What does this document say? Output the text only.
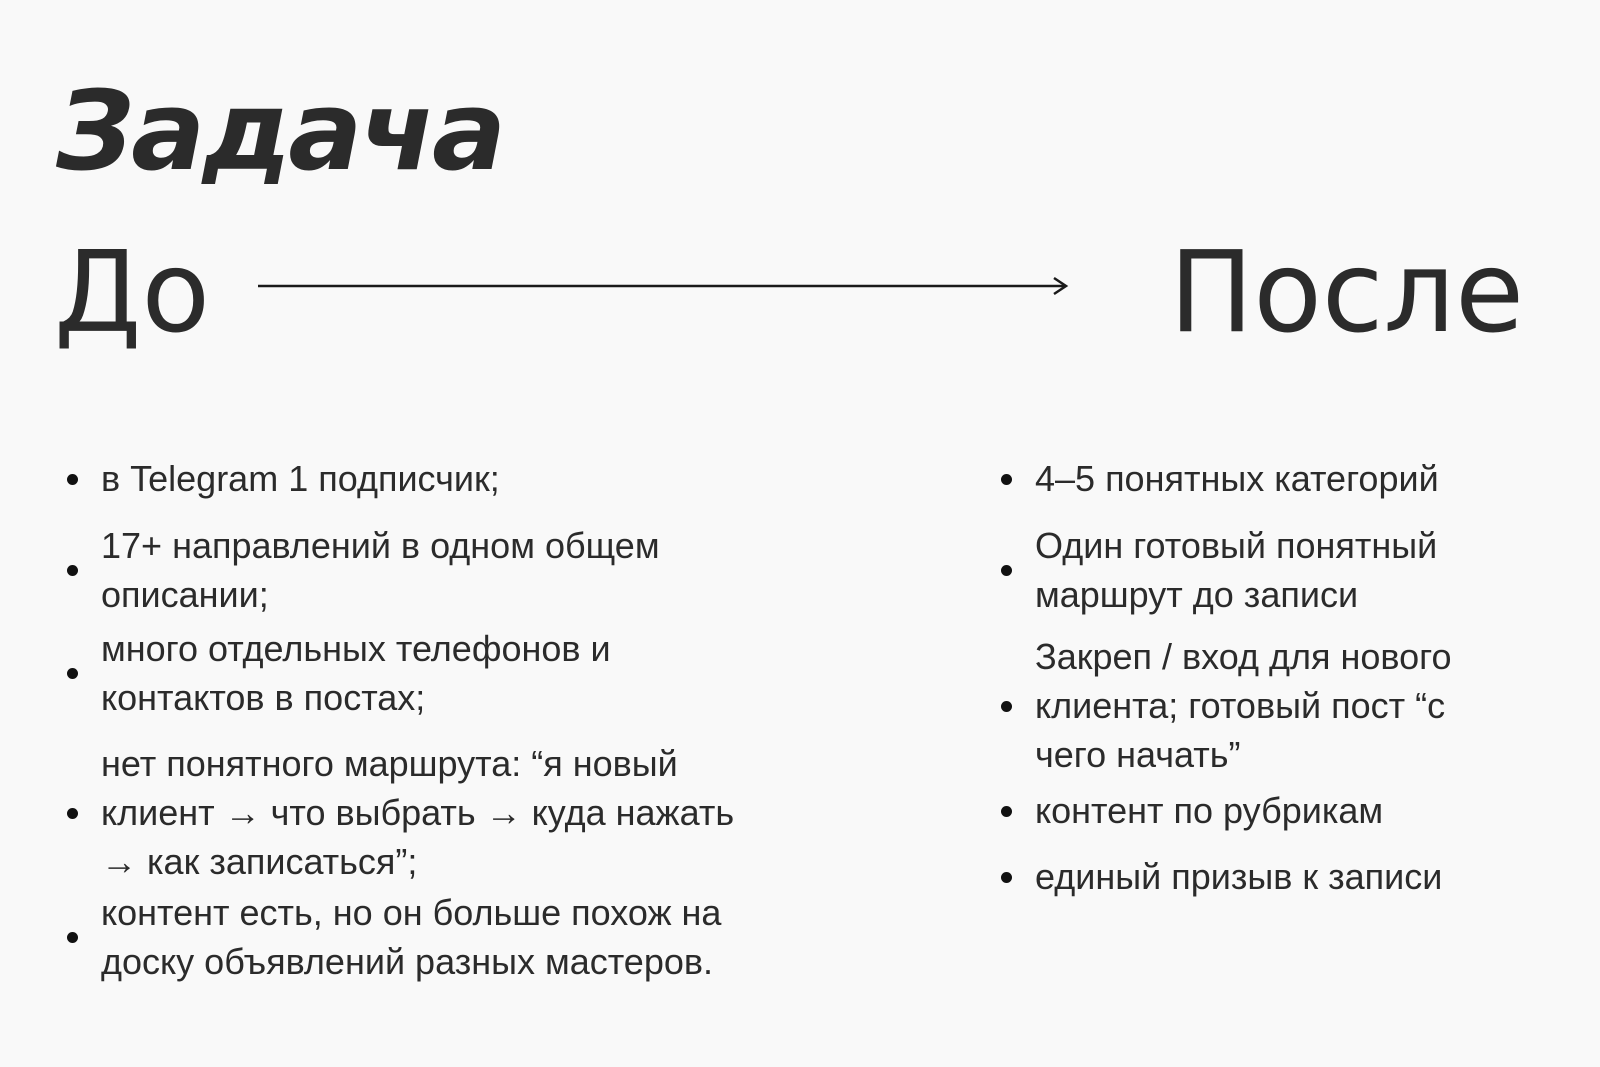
Задача
До	После
в Telegram 1 подписчик;
17+ направлений в одном общем описании;
много отдельных телефонов и контактов в постах;
нет понятного маршрута: “я новый клиент → что выбрать → куда нажать → как записаться”;
контент есть, но он больше похож на доску объявлений разных мастеров.
4–5 понятных категорий
Один готовый понятный маршрут до записи
Закреп / вход для нового клиента; готовый пост “с чего начать”
контент по рубрикам
единый призыв к записи
